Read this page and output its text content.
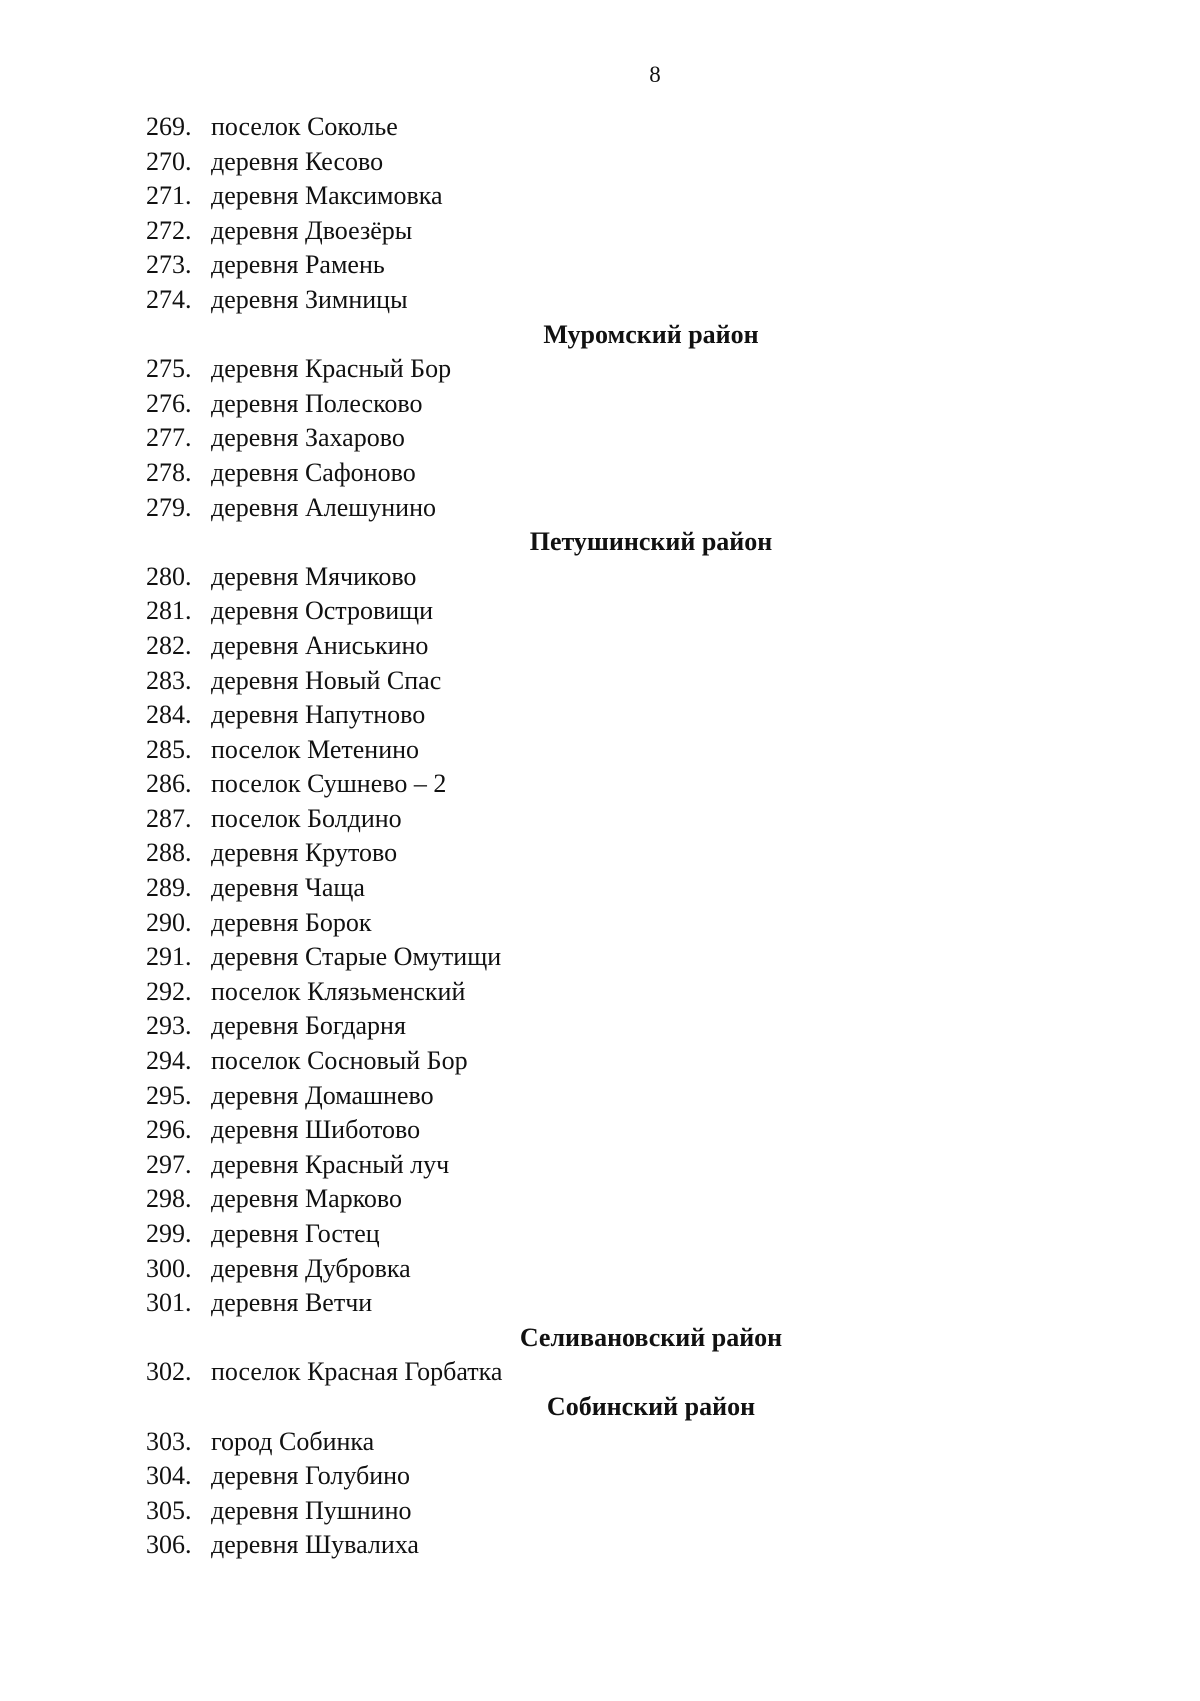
8
269. поселок Соколье
270. деревня Кесово
271. деревня Максимовка
272. деревня Двоезёры
273. деревня Рамень
274. деревня Зимницы
Муромский район
275. деревня Красный Бор
276. деревня Полесково
277. деревня Захарово
278. деревня Сафоново
279. деревня Алешунино
Петушинский район
280. деревня Мячиково
281. деревня Островищи
282. деревня Аниськино
283. деревня Новый Спас
284. деревня Напутново
285. поселок Метенино
286. поселок Сушнево – 2
287. поселок Болдино
288. деревня Крутово
289. деревня Чаща
290. деревня Борок
291. деревня Старые Омутищи
292. поселок Клязьменский
293. деревня Богдарня
294. поселок Сосновый Бор
295. деревня Домашнево
296. деревня Шиботово
297. деревня Красный луч
298. деревня Марково
299. деревня Гостец
300. деревня Дубровка
301. деревня Ветчи
Селивановский район
302. поселок Красная Горбатка
Собинский район
303. город Собинка
304. деревня Голубино
305. деревня Пушнино
306. деревня Шувалиха
